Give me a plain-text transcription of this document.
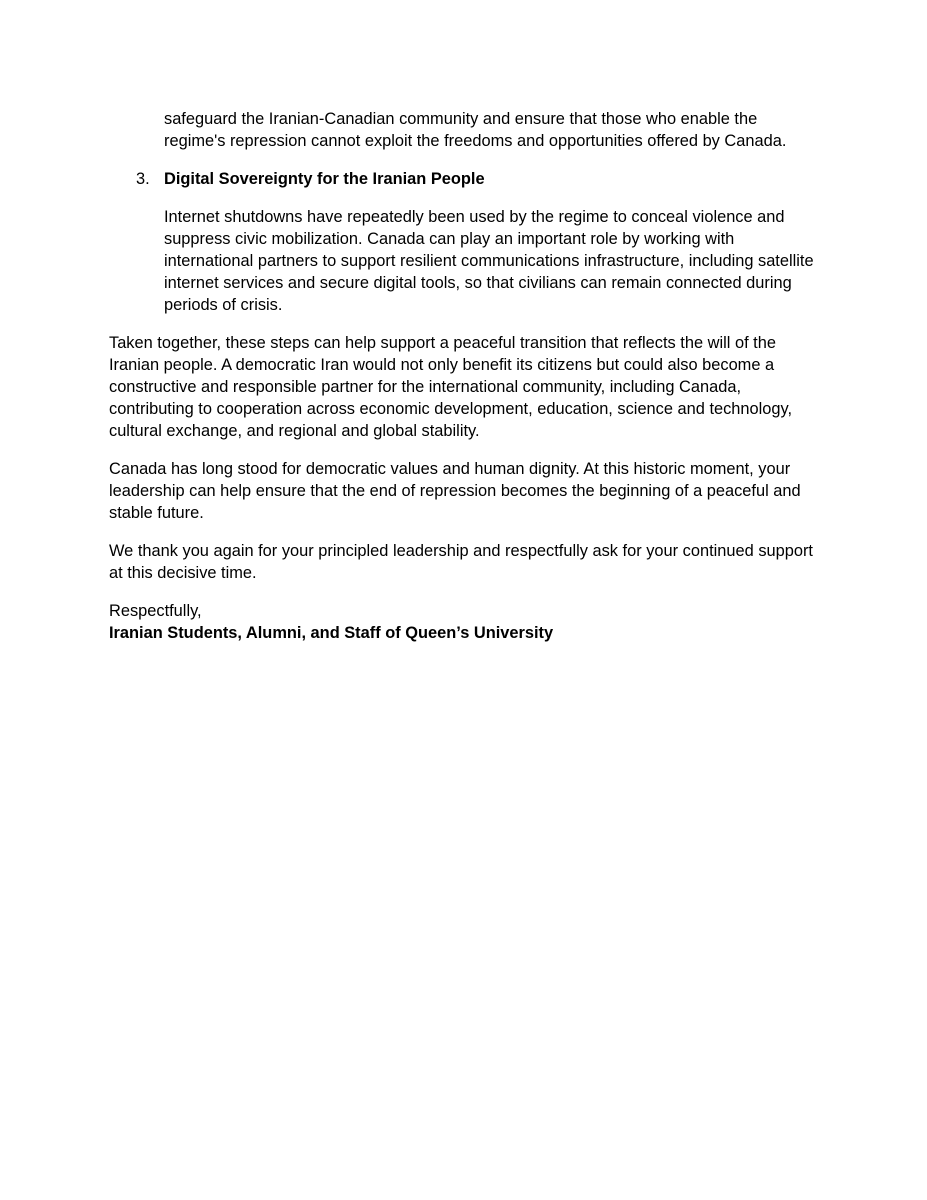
safeguard the Iranian-Canadian community and ensure that those who enable the regime's repression cannot exploit the freedoms and opportunities offered by Canada.

3. Digital Sovereignty for the Iranian People

Internet shutdowns have repeatedly been used by the regime to conceal violence and suppress civic mobilization. Canada can play an important role by working with international partners to support resilient communications infrastructure, including satellite internet services and secure digital tools, so that civilians can remain connected during periods of crisis.

Taken together, these steps can help support a peaceful transition that reflects the will of the Iranian people. A democratic Iran would not only benefit its citizens but could also become a constructive and responsible partner for the international community, including Canada, contributing to cooperation across economic development, education, science and technology, cultural exchange, and regional and global stability.

Canada has long stood for democratic values and human dignity. At this historic moment, your leadership can help ensure that the end of repression becomes the beginning of a peaceful and stable future.

We thank you again for your principled leadership and respectfully ask for your continued support at this decisive time.

Respectfully,

Iranian Students, Alumni, and Staff of Queen’s University
